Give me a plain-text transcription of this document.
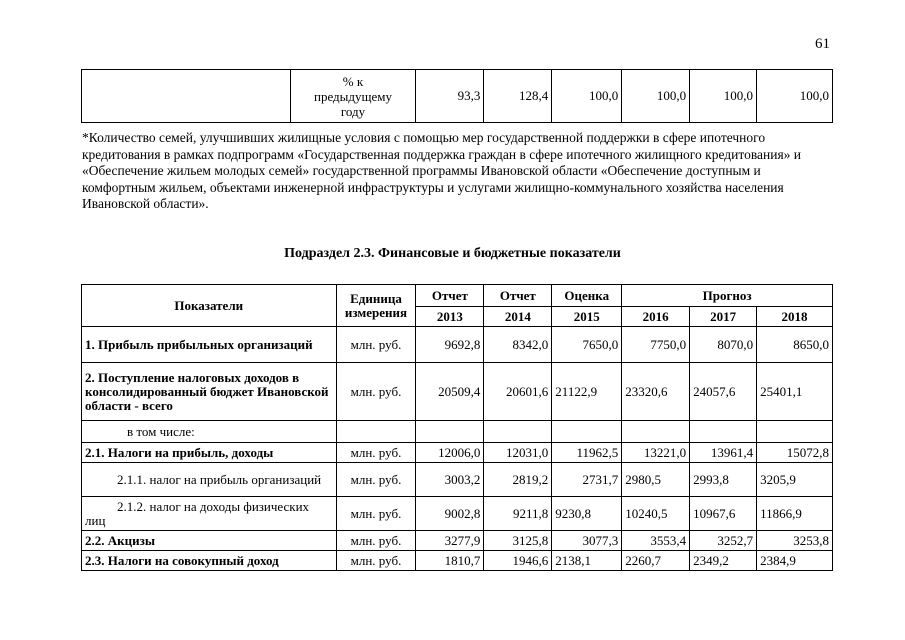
61

% к
предыдущему
году
	93,3	128,4	100,0	100,0	100,0	100,0

*Количество семей, улучшивших жилищные условия с помощью мер государственной поддержки в сфере ипотечного кредитования в рамках подпрограмм «Государственная поддержка граждан в сфере ипотечного жилищного кредитования» и «Обеспечение жильем молодых семей» государственной программы Ивановской области «Обеспечение доступным и комфортным жильем, объектами инженерной инфраструктуры и услугами жилищно-коммунального хозяйства населения Ивановской области».

Подраздел 2.3. Финансовые и бюджетные показатели

Показатели	Единица измерения	Отчет	Отчет	Оценка	Прогноз		
		2013	2014	2015	2016	2017	2018
1. Прибыль прибыльных организаций	млн. руб.	9692,8	8342,0	7650,0	7750,0	8070,0	8650,0
2. Поступление налоговых доходов в консолидированный бюджет Ивановской области - всего	млн. руб.	20509,4	20601,6	21122,9	23320,6	24057,6	25401,1
в том числе:							
2.1. Налоги на прибыль, доходы	млн. руб.	12006,0	12031,0	11962,5	13221,0	13961,4	15072,8
2.1.1. налог на прибыль организаций	млн. руб.	3003,2	2819,2	2731,7	2980,5	2993,8	3205,9
2.1.2. налог на доходы физических лиц	млн. руб.	9002,8	9211,8	9230,8	10240,5	10967,6	11866,9
2.2. Акцизы	млн. руб.	3277,9	3125,8	3077,3	3553,4	3252,7	3253,8
2.3. Налоги на совокупный доход	млн. руб.	1810,7	1946,6	2138,1	2260,7	2349,2	2384,9
